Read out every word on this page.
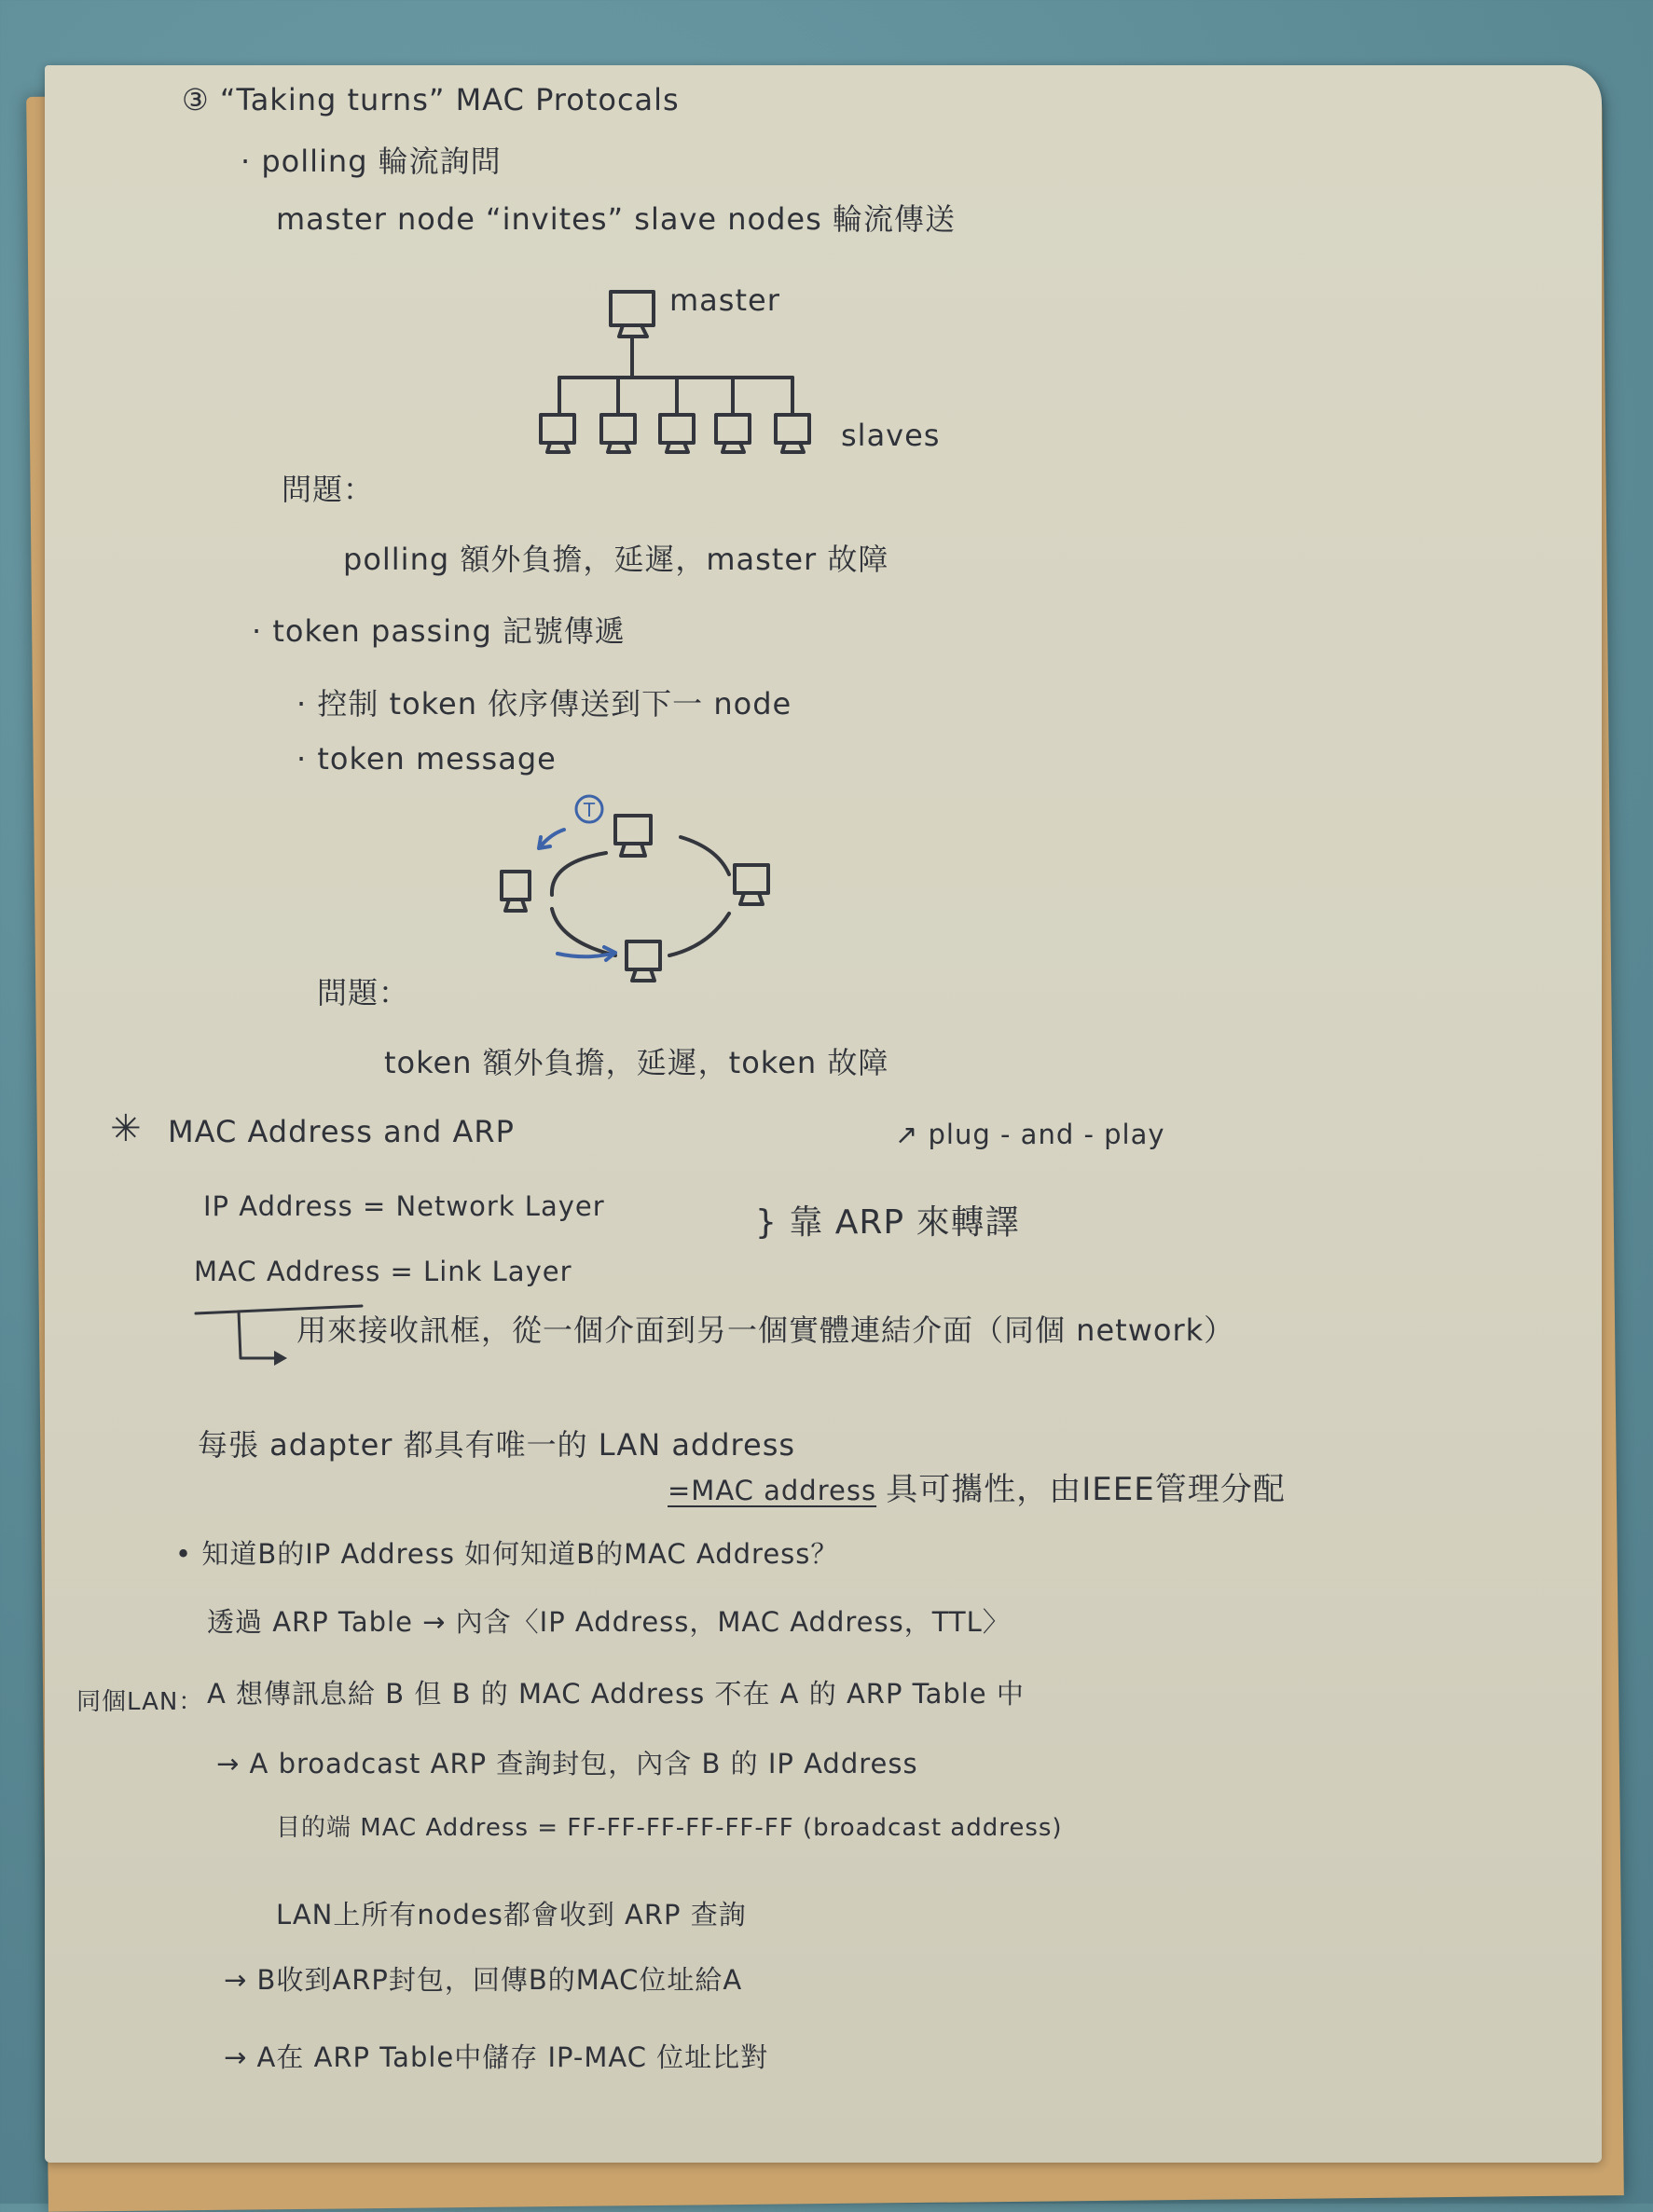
③ “Taking turns” MAC Protocals
· polling 輪流詢問
master node “invites” slave nodes 輪流傳送
master
slaves
問題：
polling 額外負擔，延遲，master 故障
· token passing 記號傳遞
· 控制 token 依序傳送到下一 node
· token message
T
問題：
token 額外負擔，延遲，token 故障
✳ MAC Address and ARP	↗ plug - and - play
IP Address = Network Layer
MAC Address = Link Layer
} 靠 ARP 來轉譯
用來接收訊框，從一個介面到另一個實體連結介面（同個 network）
每張 adapter 都具有唯一的 LAN address
=MAC address 具可攜性，由IEEE管理分配
• 知道B的IP Address 如何知道B的MAC Address？
透過 ARP Table → 內含〈IP Address，MAC Address，TTL〉
同個LAN： A 想傳訊息給 B 但 B 的 MAC Address 不在 A 的 ARP Table 中
→ A broadcast ARP 查詢封包，內含 B 的 IP Address
目的端 MAC Address = FF-FF-FF-FF-FF-FF (broadcast address)
LAN上所有nodes都會收到 ARP 查詢
→ B收到ARP封包，回傳B的MAC位址給A
→ A在 ARP Table中儲存 IP-MAC 位址比對
